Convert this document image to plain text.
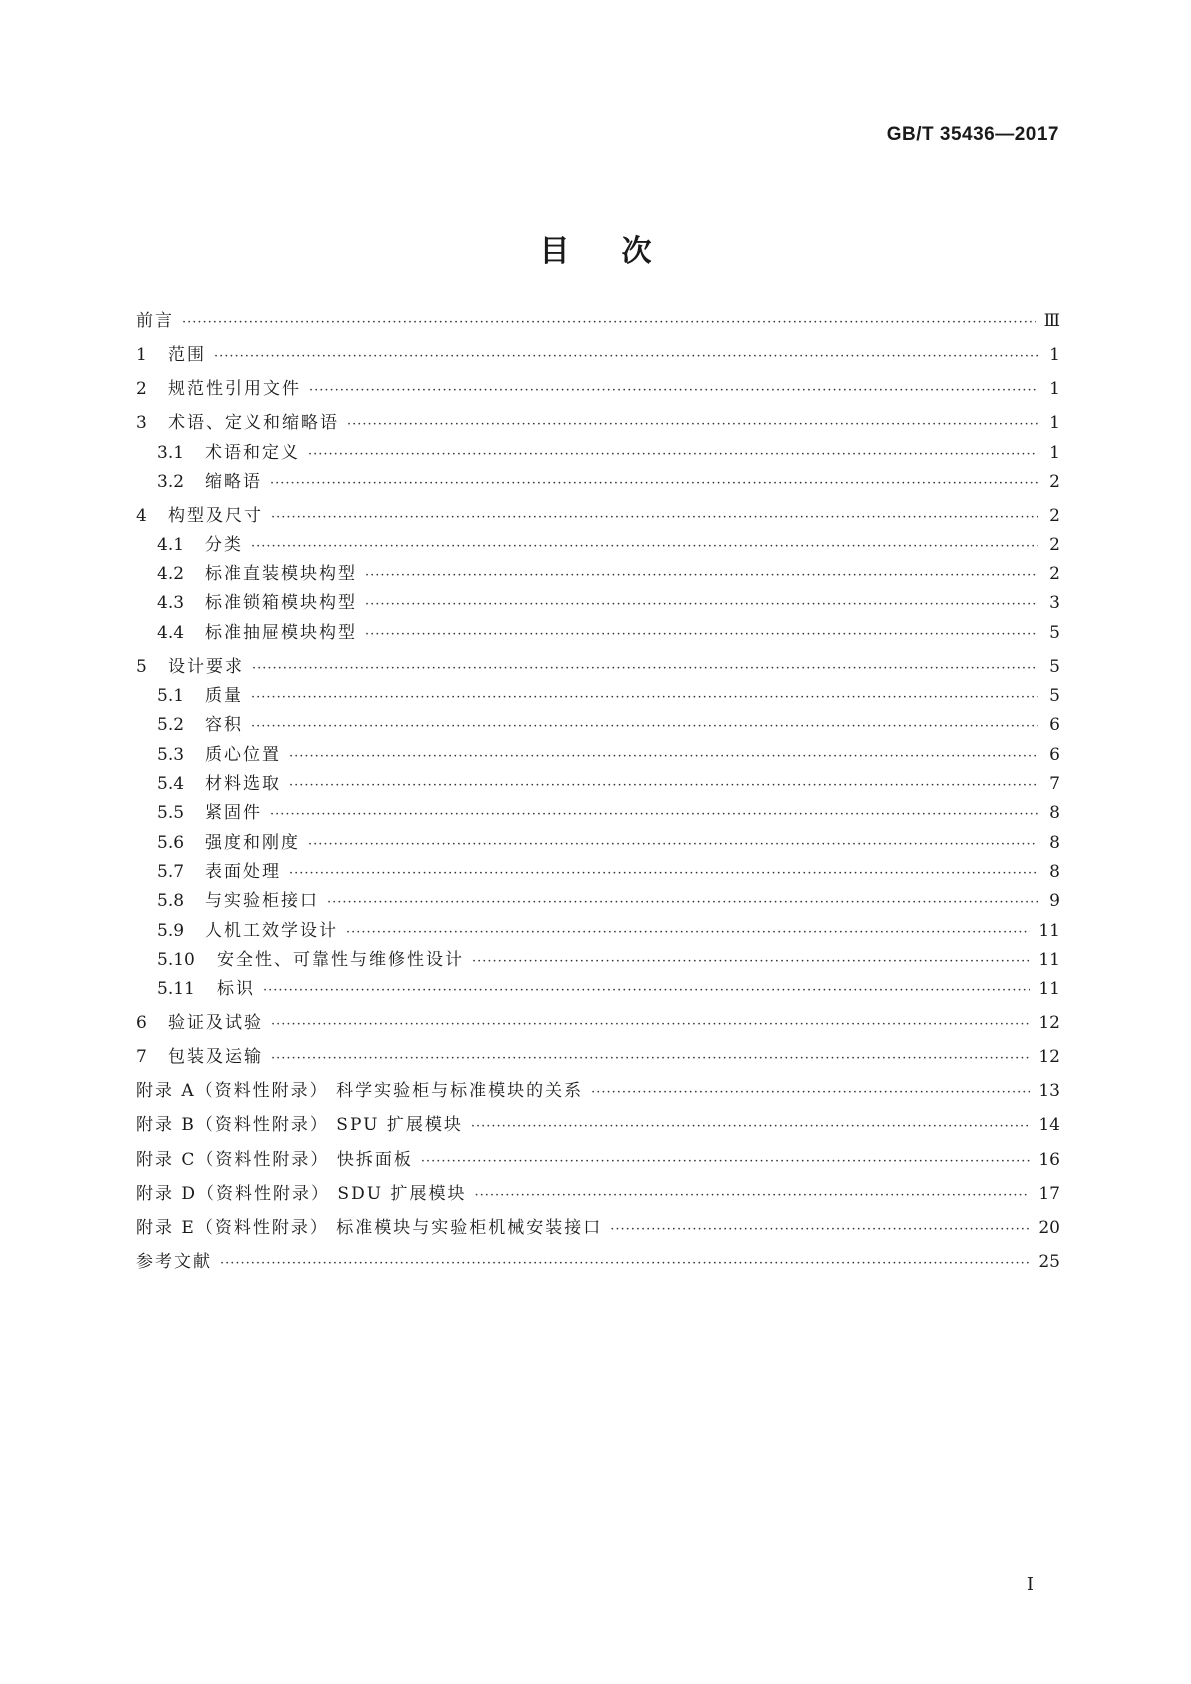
GB/T 35436—2017
目次
前言 ·····	Ⅲ
1	范围 ·····	1
2	规范性引用文件 ·····	1
3	术语、定义和缩略语 ·····	1
3.1	术语和定义 ·····	1
3.2	缩略语 ·····	2
4	构型及尺寸 ·····	2
4.1	分类 ·····	2
4.2	标准直装模块构型 ·····	2
4.3	标准锁箱模块构型 ·····	3
4.4	标准抽屉模块构型 ·····	5
5	设计要求 ·····	5
5.1	质量 ·····	5
5.2	容积 ·····	6
5.3	质心位置 ·····	6
5.4	材料选取 ·····	7
5.5	紧固件 ·····	8
5.6	强度和刚度 ·····	8
5.7	表面处理 ·····	8
5.8	与实验柜接口 ·····	9
5.9	人机工效学设计 ·····	11
5.10	安全性、可靠性与维修性设计 ·····	11
5.11	标识 ·····	11
6	验证及试验 ·····	12
7	包装及运输 ·····	12
附录 A（资料性附录） 科学实验柜与标准模块的关系 ·····	13
附录 B（资料性附录） SPU 扩展模块 ·····	14
附录 C（资料性附录） 快拆面板 ·····	16
附录 D（资料性附录） SDU 扩展模块 ·····	17
附录 E（资料性附录） 标准模块与实验柜机械安装接口 ·····	20
参考文献 ·····	25
I
